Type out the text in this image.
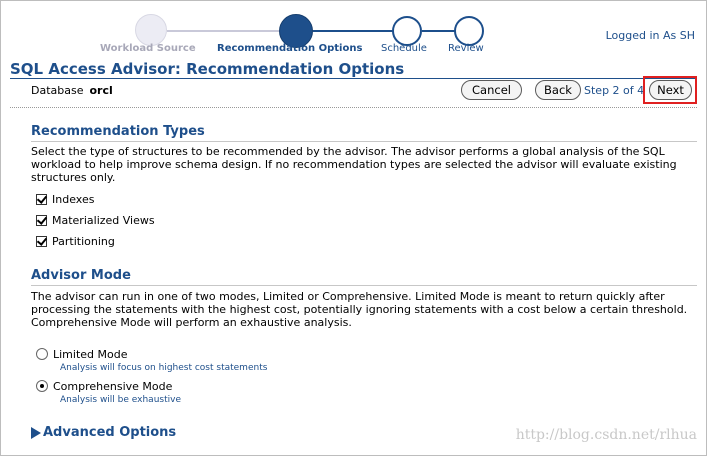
Workload Source Recommendation Options Schedule Review
Logged in As SH
SQL Access Advisor: Recommendation Options
Database orcl	Cancel	Back	Step 2 of 4	Next
Recommendation Types
Select the type of structures to be recommended by the advisor. The advisor performs a global analysis of the SQL workload to help improve schema design. If no recommendation types are selected the advisor will evaluate existing structures only.
Indexes
Materialized Views
Partitioning
Advisor Mode
The advisor can run in one of two modes, Limited or Comprehensive. Limited Mode is meant to return quickly after processing the statements with the highest cost, potentially ignoring statements with a cost below a certain threshold. Comprehensive Mode will perform an exhaustive analysis.
Limited Mode
Analysis will focus on highest cost statements
Comprehensive Mode
Analysis will be exhaustive
Advanced Options	http://blog.csdn.net/rlhua
